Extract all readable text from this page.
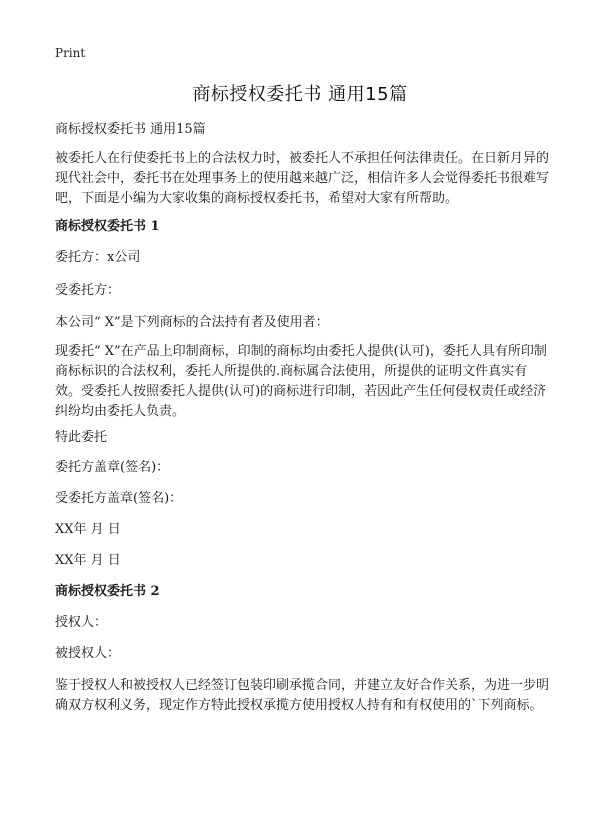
Print
商标授权委托书 通用15篇
商标授权委托书 通用15篇
被委托人在行使委托书上的合法权力时，被委托人不承担任何法律责任。在日新月异的现代社会中，委托书在处理事务上的使用越来越广泛，相信许多人会觉得委托书很难写吧，下面是小编为大家收集的商标授权委托书，希望对大家有所帮助。
商标授权委托书 1
委托方：x公司
受委托方：
本公司“ X”是下列商标的合法持有者及使用者：
现委托“ X”在产品上印制商标，印制的商标均由委托人提供(认可)，委托人具有所印制商标标识的合法权利，委托人所提供的.商标属合法使用，所提供的证明文件真实有效。受委托人按照委托人提供(认可)的商标进行印制，若因此产生任何侵权责任或经济纠纷均由委托人负责。
特此委托
委托方盖章(签名)：
受委托方盖章(签名)：
XX年 月 日
XX年 月 日
商标授权委托书 2
授权人：
被授权人：
鉴于授权人和被授权人已经签订包装印刷承揽合同，并建立友好合作关系，为进一步明确双方权利义务，现定作方特此授权承揽方使用授权人持有和有权使用的`下列商标。
